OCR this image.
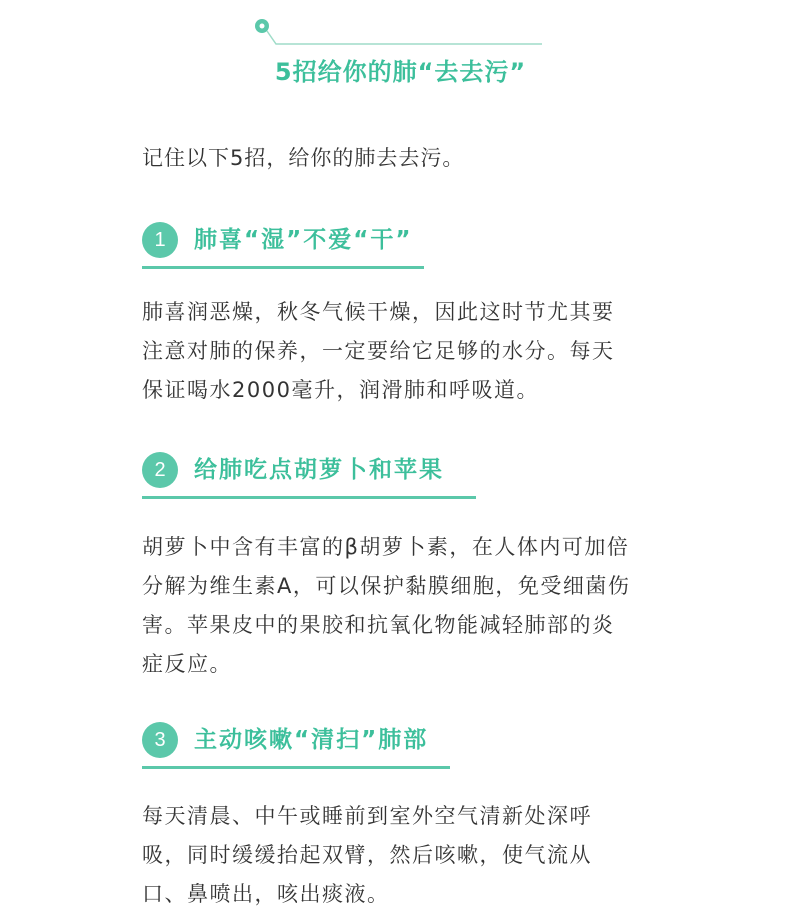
5招给你的肺“去去污”
记住以下5招，给你的肺去去污。
1	肺喜“湿”不爱“干”
肺喜润恶燥，秋冬气候干燥，因此这时节尤其要
注意对肺的保养，一定要给它足够的水分。每天
保证喝水2000毫升，润滑肺和呼吸道。
2	给肺吃点胡萝卜和苹果
胡萝卜中含有丰富的β胡萝卜素，在人体内可加倍
分解为维生素A，可以保护黏膜细胞，免受细菌伤
害。苹果皮中的果胶和抗氧化物能减轻肺部的炎
症反应。
3	主动咳嗽“清扫”肺部
每天清晨、中午或睡前到室外空气清新处深呼
吸，同时缓缓抬起双臂，然后咳嗽，使气流从
口、鼻喷出，咳出痰液。
